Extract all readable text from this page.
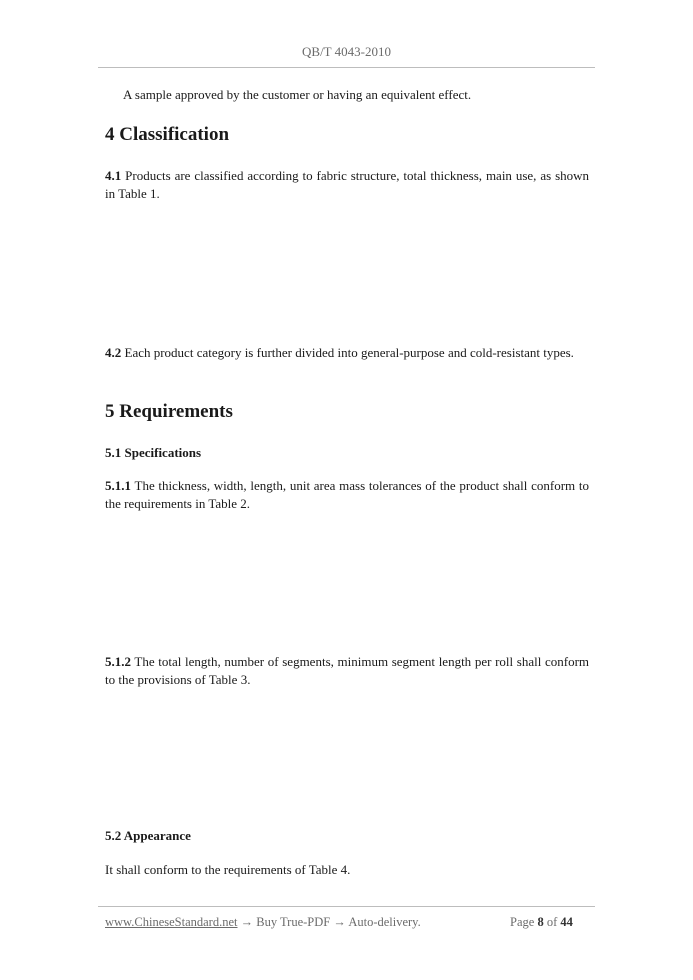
QB/T 4043-2010
A sample approved by the customer or having an equivalent effect.
4 Classification
4.1 Products are classified according to fabric structure, total thickness, main use, as shown in Table 1.
4.2 Each product category is further divided into general-purpose and cold-resistant types.
5 Requirements
5.1 Specifications
5.1.1 The thickness, width, length, unit area mass tolerances of the product shall conform to the requirements in Table 2.
5.1.2 The total length, number of segments, minimum segment length per roll shall conform to the provisions of Table 3.
5.2 Appearance
It shall conform to the requirements of Table 4.
www.ChineseStandard.net → Buy True-PDF → Auto-delivery.	Page 8 of 44
